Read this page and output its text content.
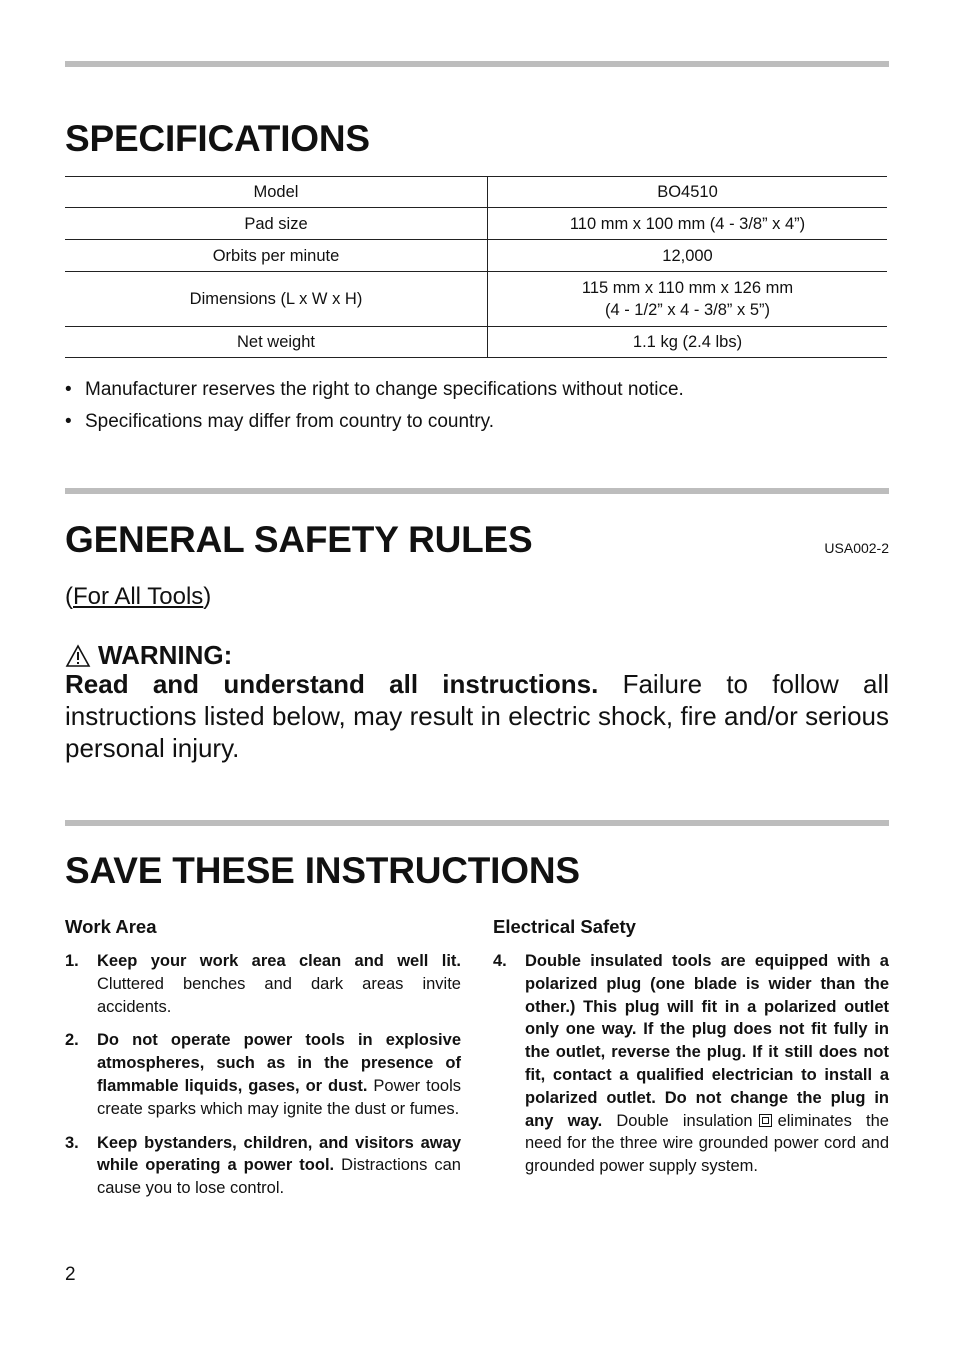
SPECIFICATIONS
Model	BO4510
Pad size	110 mm x 100 mm (4 - 3/8” x 4”)
Orbits per minute	12,000
Dimensions (L x W x H)	115 mm x 110 mm x 126 mm
(4 - 1/2” x 4 - 3/8” x 5”)

Net weight	1.1 kg (2.4 lbs)
• Manufacturer reserves the right to change specifications without notice.
• Specifications may differ from country to country.
GENERAL SAFETY RULES	USA002-2
(For All Tools)
WARNING:

Read and understand all instructions. Failure to follow all instructions listed below, may result in electric shock, fire and/or serious personal injury.

SAVE THESE INSTRUCTIONS
Work Area
1. Keep your work area clean and well lit. Cluttered benches and dark areas invite accidents.
2. Do not operate power tools in explosive atmospheres, such as in the presence of flammable liquids, gases, or dust. Power tools create sparks which may ignite the dust or fumes.
3. Keep bystanders, children, and visitors away while operating a power tool. Distractions can cause you to lose control.
Electrical Safety
4. Double insulated tools are equipped with a polarized plug (one blade is wider than the other.) This plug will fit in a polarized outlet only one way. If the plug does not fit fully in the outlet, reverse the plug. If it still does not fit, contact a qualified electrician to install a polarized outlet. Do not change the plug in any way. Double insulation eliminates the need for the three wire grounded power cord and grounded power supply system.
2
